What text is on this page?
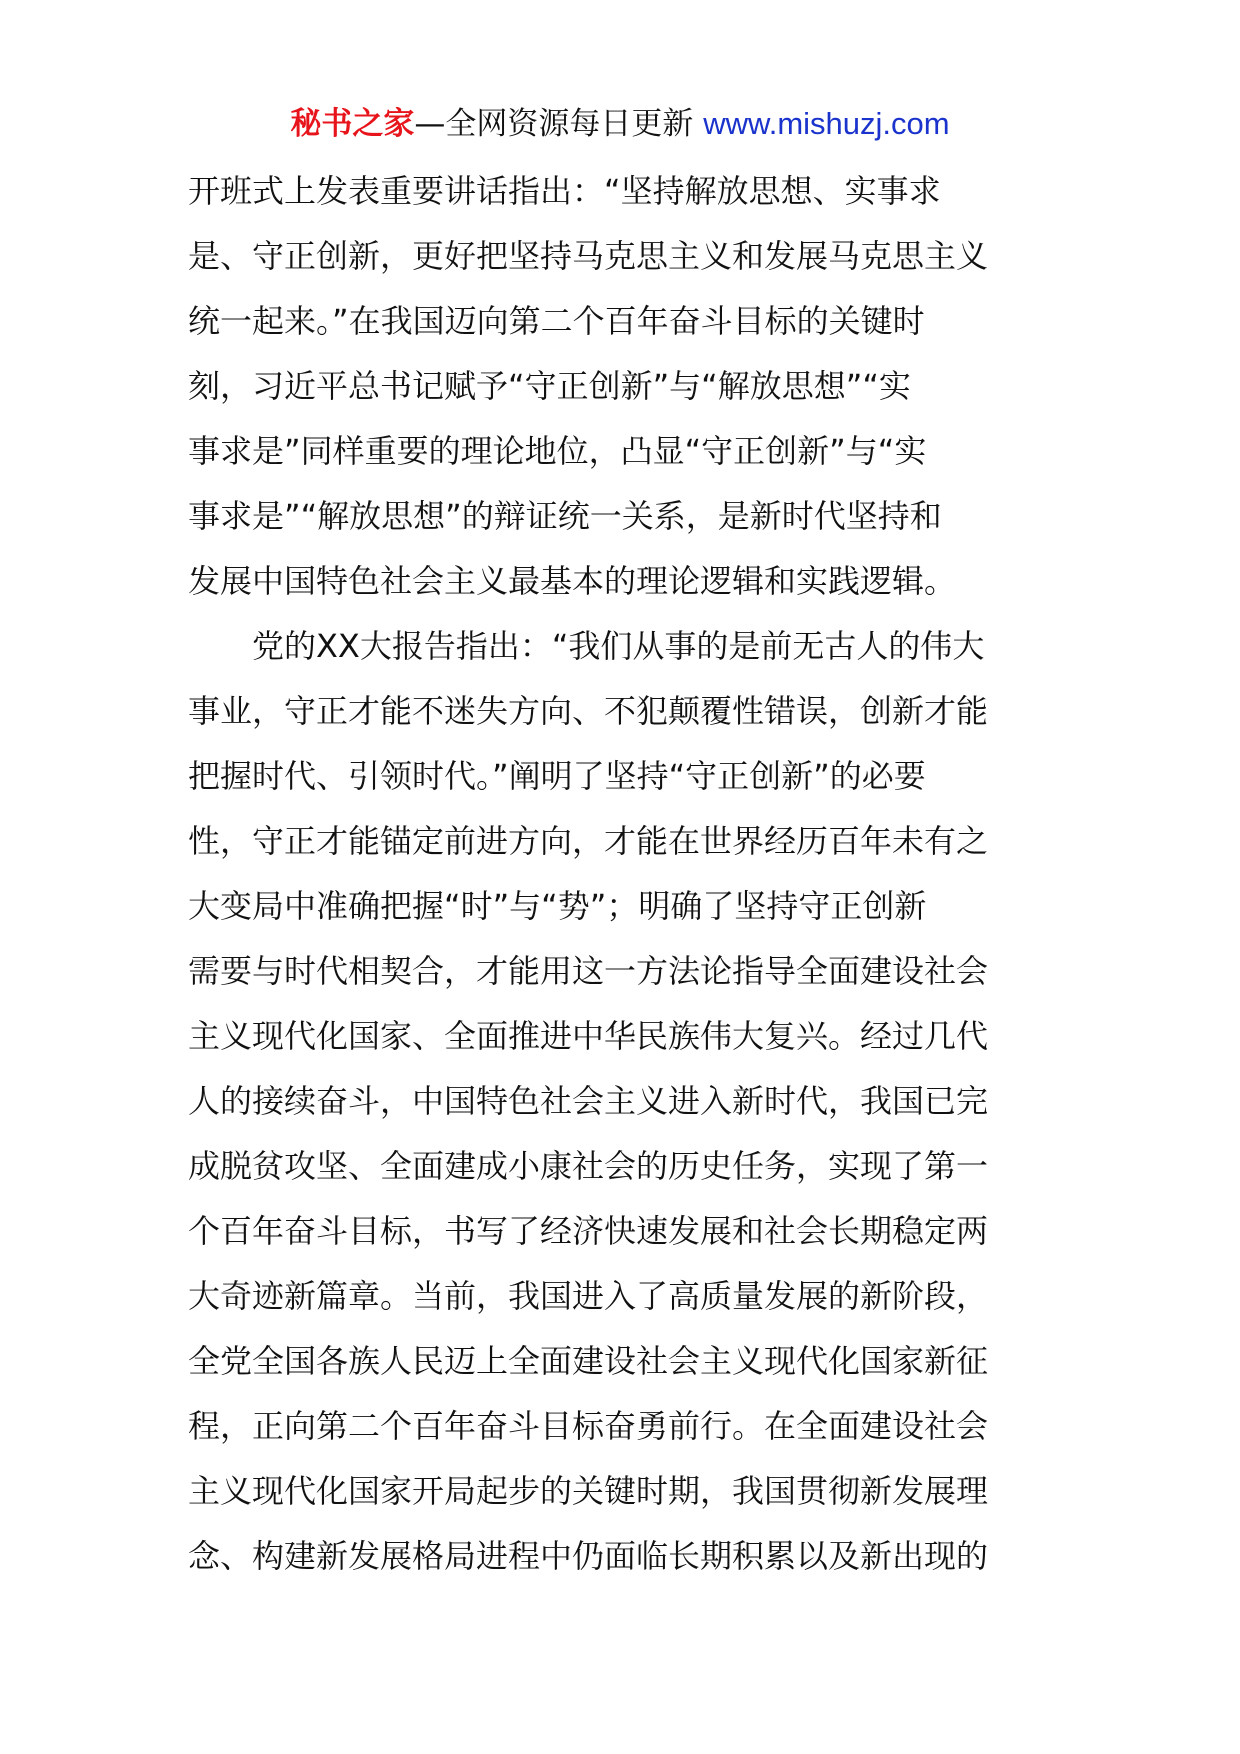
秘书之家—全网资源每日更新 www.mishuzj.com
开班式上发表重要讲话指出：“坚持解放思想、实事求
是、守正创新，更好把坚持马克思主义和发展马克思主义
统一起来。”在我国迈向第二个百年奋斗目标的关键时
刻，习近平总书记赋予“守正创新”与“解放思想”“实
事求是”同样重要的理论地位，凸显“守正创新”与“实
事求是”“解放思想”的辩证统一关系，是新时代坚持和
发展中国特色社会主义最基本的理论逻辑和实践逻辑。
党的XX大报告指出：“我们从事的是前无古人的伟大
事业，守正才能不迷失方向、不犯颠覆性错误，创新才能
把握时代、引领时代。”阐明了坚持“守正创新”的必要
性，守正才能锚定前进方向，才能在世界经历百年未有之
大变局中准确把握“时”与“势”；明确了坚持守正创新
需要与时代相契合，才能用这一方法论指导全面建设社会
主义现代化国家、全面推进中华民族伟大复兴。经过几代
人的接续奋斗，中国特色社会主义进入新时代，我国已完
成脱贫攻坚、全面建成小康社会的历史任务，实现了第一
个百年奋斗目标，书写了经济快速发展和社会长期稳定两
大奇迹新篇章。当前，我国进入了高质量发展的新阶段，
全党全国各族人民迈上全面建设社会主义现代化国家新征
程，正向第二个百年奋斗目标奋勇前行。在全面建设社会
主义现代化国家开局起步的关键时期，我国贯彻新发展理
念、构建新发展格局进程中仍面临长期积累以及新出现的
